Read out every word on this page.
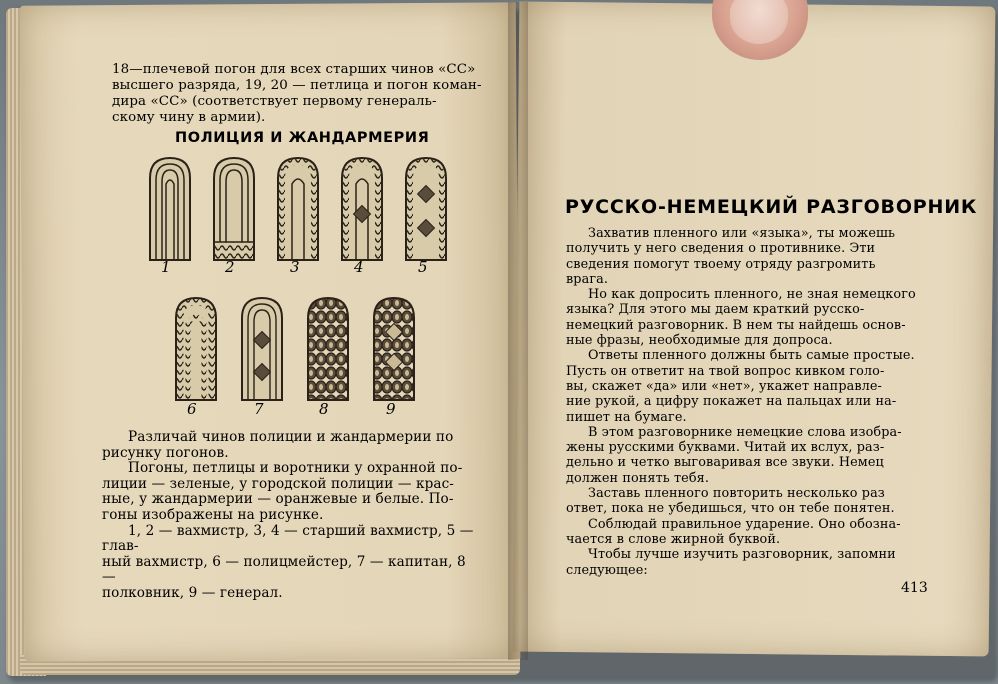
18—плечевой погон для всех старших чинов «СС»
высшего разряда, 19, 20 — петлица и погон коман-
дира «СС» (соответствует первому генераль-
скому чину в армии).
ПОЛИЦИЯ И ЖАНДАРМЕРИЯ
1	2	3	4	5
6	7	8	9
Различай чинов полиции и жандармерии по
рисунку погонов.
Погоны, петлицы и воротники у охранной по-
лиции — зеленые, у городской полиции — крас-
ные, у жандармерии — оранжевые и белые. По-
гоны изображены на рисунке.
1, 2 — вахмистр, 3, 4 — старший вахмистр, 5 — глав-
ный вахмистр, 6 — полицмейстер, 7 — капитан, 8 —
полковник, 9 — генерал.
РУССКО-НЕМЕЦКИЙ РАЗГОВОРНИК
Захватив пленного или «языка», ты можешь
получить у него сведения о противнике. Эти
сведения помогут твоему отряду разгромить
врага.
Но как допросить пленного, не зная немецкого
языка? Для этого мы даем краткий русско-
немецкий разговорник. В нем ты найдешь основ-
ные фразы, необходимые для допроса.
Ответы пленного должны быть самые простые.
Пусть он ответит на твой вопрос кивком голо-
вы, скажет «да» или «нет», укажет направле-
ние рукой, а цифру покажет на пальцах или на-
пишет на бумаге.
В этом разговорнике немецкие слова изобра-
жены русскими буквами. Читай их вслух, раз-
дельно и четко выговаривая все звуки. Немец
должен понять тебя.
Заставь пленного повторить несколько раз
ответ, пока не убедишься, что он тебе понятен.
Соблюдай правильное ударение. Оно обозна-
чается в слове жирной буквой.
Чтобы лучше изучить разговорник, запомни
следующее:
413
